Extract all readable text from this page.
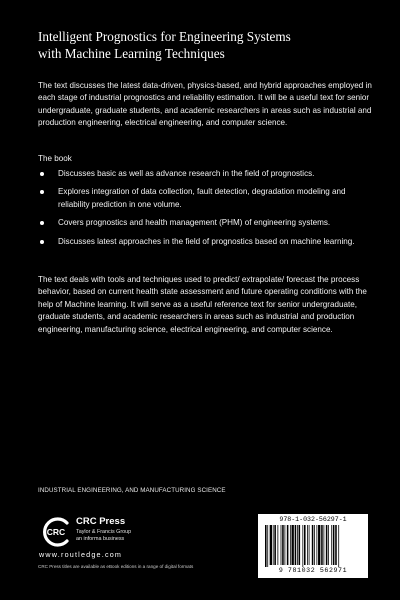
Intelligent Prognostics for Engineering Systems
with Machine Learning Techniques
The text discusses the latest data-driven, physics-based, and hybrid approaches employed in each stage of industrial prognostics and reliability estimation. It will be a useful text for senior undergraduate, graduate students, and academic researchers in areas such as industrial and production engineering, electrical engineering, and computer science.
The book
Discusses basic as well as advance research in the field of prognostics.
Explores integration of data collection, fault detection, degradation modeling and reliability prediction in one volume.
Covers prognostics and health management (PHM) of engineering systems.
Discusses latest approaches in the field of prognostics based on machine learning.
The text deals with tools and techniques used to predict/ extrapolate/ forecast the process behavior, based on current health state assessment and future operating conditions with the help of Machine learning. It will serve as a useful reference text for senior undergraduate, graduate students, and academic researchers in areas such as industrial and production engineering, manufacturing science, electrical engineering, and computer science.
INDUSTRIAL ENGINEERING, AND MANUFACTURING SCIENCE
CRC
CRC Press
Taylor & Francis Group
an informa business
www.routledge.com
CRC Press titles are available as eBook editions in a range of digital formats
978-1-032-56297-1
9 781032 562971
